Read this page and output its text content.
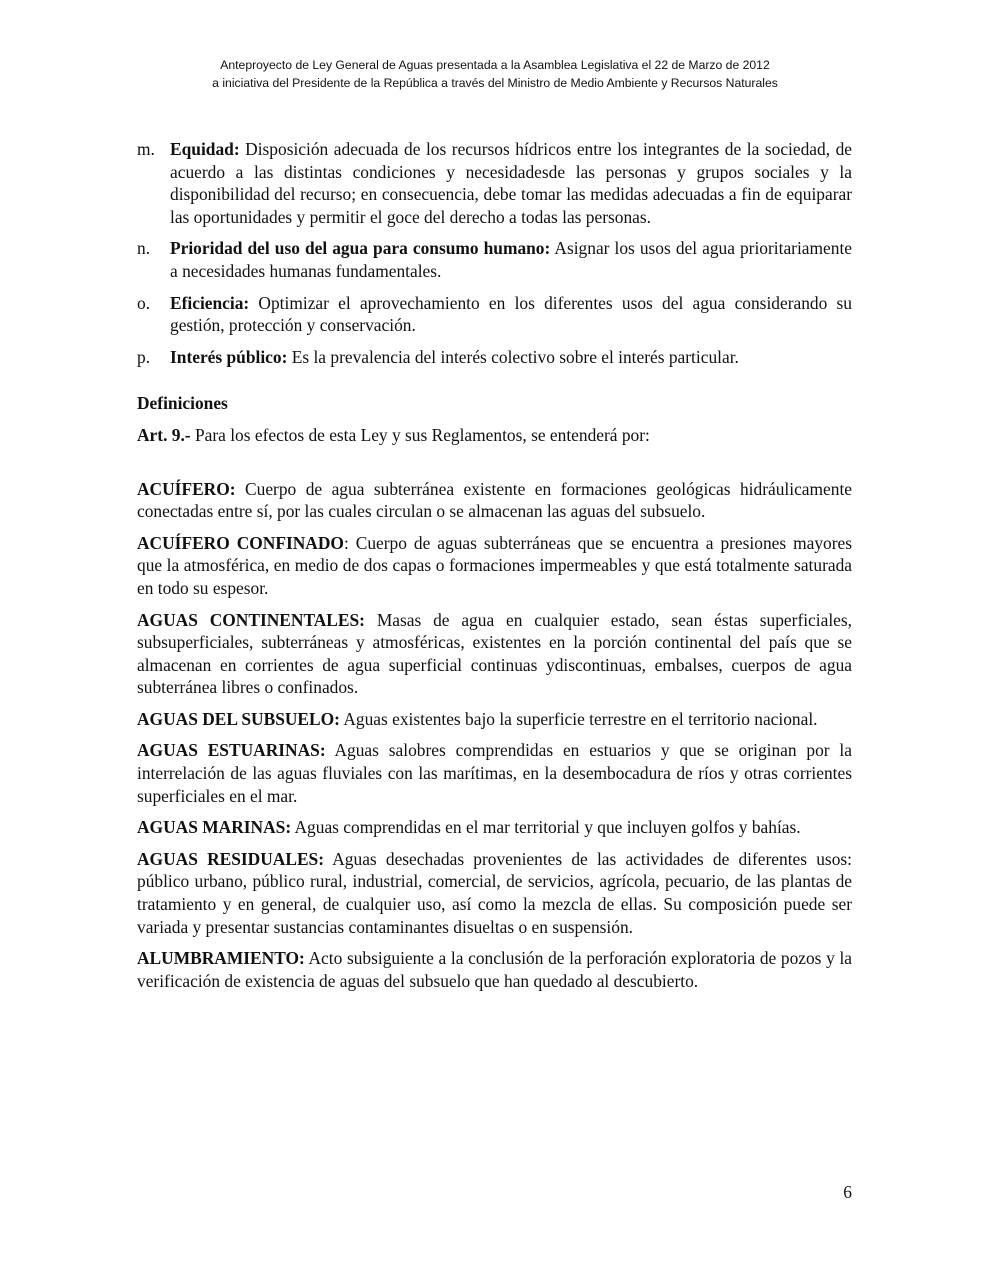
Anteproyecto de Ley General de Aguas presentada a la Asamblea Legislativa el 22 de Marzo de 2012
a iniciativa del Presidente de la República a través del Ministro de Medio Ambiente y Recursos Naturales
m. Equidad: Disposición adecuada de los recursos hídricos entre los integrantes de la sociedad, de acuerdo a las distintas condiciones y necesidadesde las personas y grupos sociales y la disponibilidad del recurso; en consecuencia, debe tomar las medidas adecuadas a fin de equiparar las oportunidades y permitir el goce del derecho a todas las personas.
n. Prioridad del uso del agua para consumo humano: Asignar los usos del agua prioritariamente a necesidades humanas fundamentales.
o. Eficiencia: Optimizar el aprovechamiento en los diferentes usos del agua considerando su gestión, protección y conservación.
p. Interés público: Es la prevalencia del interés colectivo sobre el interés particular.
Definiciones
Art. 9.- Para los efectos de esta Ley y sus Reglamentos, se entenderá por:
ACUÍFERO: Cuerpo de agua subterránea existente en formaciones geológicas hidráulicamente conectadas entre sí, por las cuales circulan o se almacenan las aguas del subsuelo.
ACUÍFERO CONFINADO: Cuerpo de aguas subterráneas que se encuentra a presiones mayores que la atmosférica, en medio de dos capas o formaciones impermeables y que está totalmente saturada en todo su espesor.
AGUAS CONTINENTALES: Masas de agua en cualquier estado, sean éstas superficiales, subsuperficiales, subterráneas y atmosféricas, existentes en la porción continental del país que se almacenan en corrientes de agua superficial continuas ydiscontinuas, embalses, cuerpos de agua subterránea libres o confinados.
AGUAS DEL SUBSUELO: Aguas existentes bajo la superficie terrestre en el territorio nacional.
AGUAS ESTUARINAS: Aguas salobres comprendidas en estuarios y que se originan por la interrelación de las aguas fluviales con las marítimas, en la desembocadura de ríos y otras corrientes superficiales en el mar.
AGUAS MARINAS: Aguas comprendidas en el mar territorial y que incluyen golfos y bahías.
AGUAS RESIDUALES: Aguas desechadas provenientes de las actividades de diferentes usos: público urbano, público rural, industrial, comercial, de servicios, agrícola, pecuario, de las plantas de tratamiento y en general, de cualquier uso, así como la mezcla de ellas. Su composición puede ser variada y presentar sustancias contaminantes disueltas o en suspensión.
ALUMBRAMIENTO: Acto subsiguiente a la conclusión de la perforación exploratoria de pozos y la verificación de existencia de aguas del subsuelo que han quedado al descubierto.
6
